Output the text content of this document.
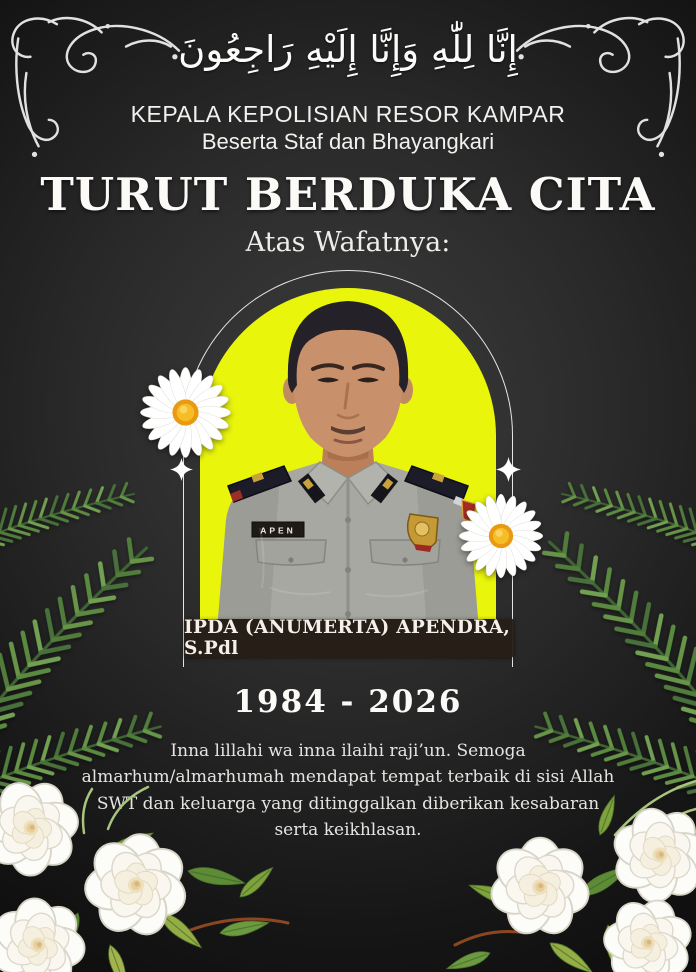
إِنَّا لِلّٰهِ وَإِنَّا إِلَيْهِ رَاجِعُونَ
KEPALA KEPOLISIAN RESOR KAMPAR
Beserta Staf dan Bhayangkari
TURUT BERDUKA CITA
Atas Wafatnya:
APEN
IPDA (ANUMERTA) APENDRA, S.Pdl
1984 - 2026
Inna lillahi wa inna ilaihi raji’un. Semoga almarhum/almarhumah mendapat tempat terbaik di sisi Allah SWT dan keluarga yang ditinggalkan diberikan kesabaran serta keikhlasan.
